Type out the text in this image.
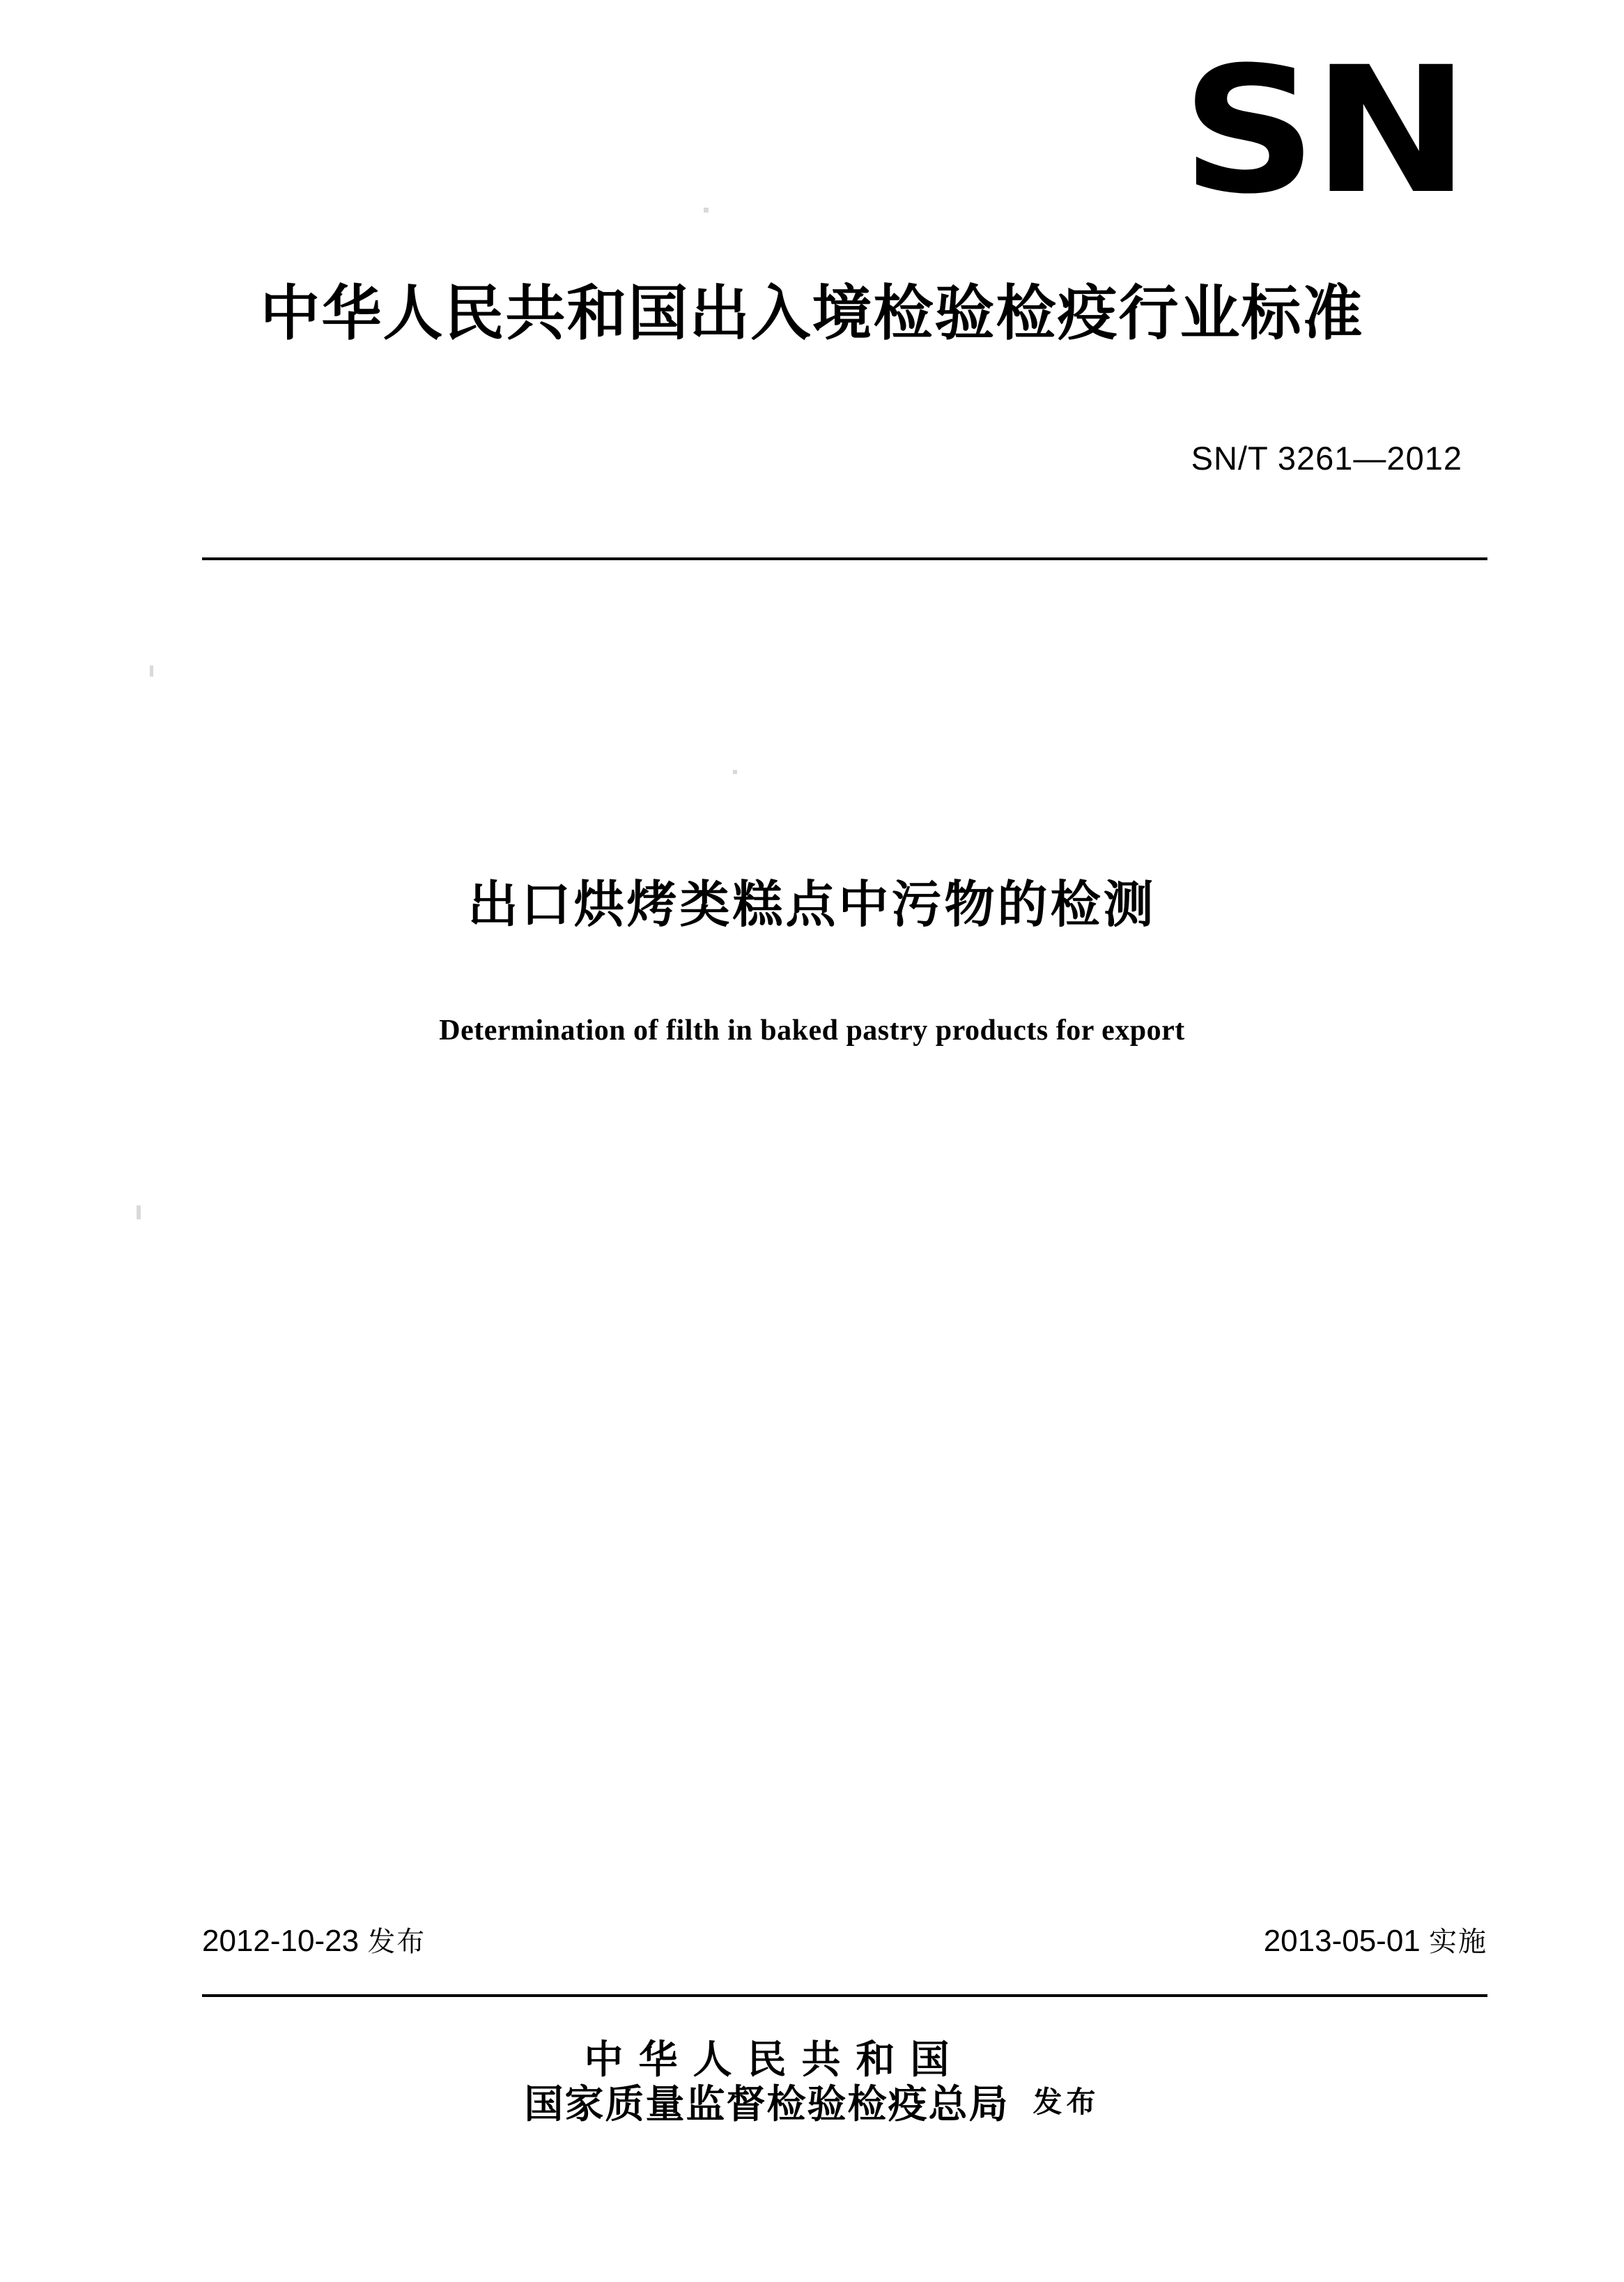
SN
中华人民共和国出入境检验检疫行业标准
SN/T 3261—2012
出口烘烤类糕点中污物的检测
Determination of filth in baked pastry products for export
2012-10-23 发布	2013-05-01 实施
中华人民共和国
国家质量监督检验检疫总局 发布
